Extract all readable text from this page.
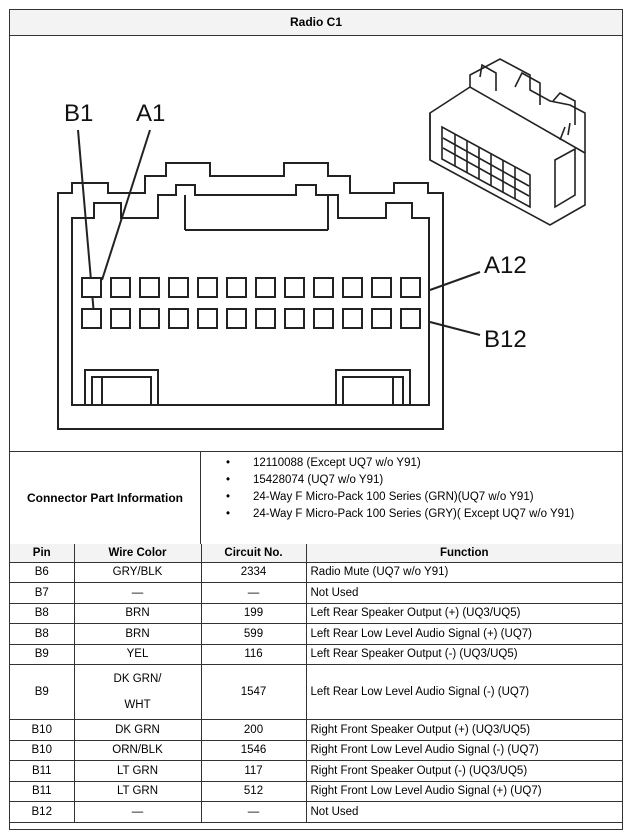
Radio C1
B1 A1
A12
B12
Connector Part Information
•	12110088 (Except UQ7 w/o Y91)
•	15428074 (UQ7 w/o Y91)
•	24-Way F Micro-Pack 100 Series (GRN)(UQ7 w/o Y91)
•	24-Way F Micro-Pack 100 Series (GRY)( Except UQ7 w/o Y91)
Pin	Wire Color	Circuit No.	Function
B6	GRY/BLK	2334	Radio Mute (UQ7 w/o Y91)
B7	—	—	Not Used
B8	BRN	199	Left Rear Speaker Output (+) (UQ3/UQ5)
B8	BRN	599	Left Rear Low Level Audio Signal (+) (UQ7)
B9	YEL	116	Left Rear Speaker Output (-) (UQ3/UQ5)
B9	DK GRN/
WHT	1547	Left Rear Low Level Audio Signal (-) (UQ7)
B10	DK GRN	200	Right Front Speaker Output (+) (UQ3/UQ5)
B10	ORN/BLK	1546	Right Front Low Level Audio Signal (-) (UQ7)
B11	LT GRN	117	Right Front Speaker Output (-) (UQ3/UQ5)
B11	LT GRN	512	Right Front Low Level Audio Signal (+) (UQ7)
B12	—	—	Not Used
